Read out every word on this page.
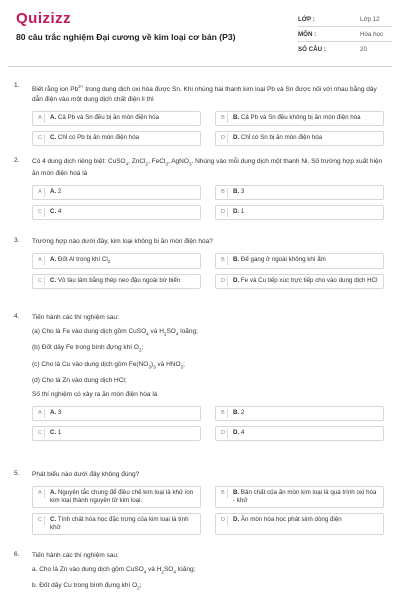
Quizizz
80 câu trắc nghiệm Đại cương về kim loại cơ bản (P3)
LỚP :	Lớp 12
MÔN :	Hóa học
SỐ CÂU :	20
1.
Biết rằng ion $Pb^{2+}$ trong dung dịch oxi hóa được Sn. Khi nhúng hai thanh kim loại Pb và Sn được nối với nhau bằng dây dẫn điện vào một dung dịch chất điện li thì
A	A. Cả Pb và Sn đều bị ăn mòn điện hóa	B	B. Cả Pb và Sn đều không bị ăn mòn điện hóa
C	C. Chỉ có Pb bị ăn mòn điện hóa	D	D. Chỉ có Sn bị ăn mòn điện hóa
2. Có 4 dung dịch riêng biệt: CuSO$_4$, ZnCl$_2$, FeCl$_3$, AgNO$_3$. Nhúng vào mỗi dung dịch một thanh Ni. Số trường hợp xuất hiện ăn mòn điện hoá là
A	A. 2	B	B. 3
C	C. 4	D	D. 1
3. Trường hợp nào dưới đây, kim loại không bị ăn mòn điện hóa?
A	A. Đốt Al trong khí $Cl_2$	B	B. Để gang ở ngoài không khí ẩm
C	C. Vỏ tàu làm bằng thép neo đậu ngoài bờ biển	D	D. Fe và Cu tiếp xúc trực tiếp cho vào dung dịch HCl
4. Tiến hành các thí nghiệm sau:
(a) Cho lá Fe vào dung dịch gồm CuSO$_4$ và $H_2SO_4$ loãng;
(b) Đốt dây Fe trong bình đựng khí $O_2$;
(c) Cho lá Cu vào dung dịch gồm $Fe(NO_3)_3$ và $HNO_3$;
(d) Cho lá Zn vào dung dịch HCl;
Số thí nghiệm có xảy ra ăn mòn điện hóa là
A	A. 3	B	B. 2
C	C. 1	D	D. 4
5. Phát biểu nào dưới đây không đúng?
A	A. Nguyên tắc chung để điều chế kim loại là khử ion kim loại thành nguyên tử kim loại.
B	B. Bản chất của ăn mòn kim loại là quá trình oxi hóa - khử
C	C. Tính chất hóa học đặc trưng của kim loại là tính khử
D	D. Ăn mòn hóa học phát sinh dòng điện
6. Tiến hành các thí nghiệm sau:
a. Cho lá Zn vào dung dịch gồm CuSO$_4$ và $H_2SO_4$ loãng;
b. Đốt dây Cu trong bình đựng khí $O_2$;
